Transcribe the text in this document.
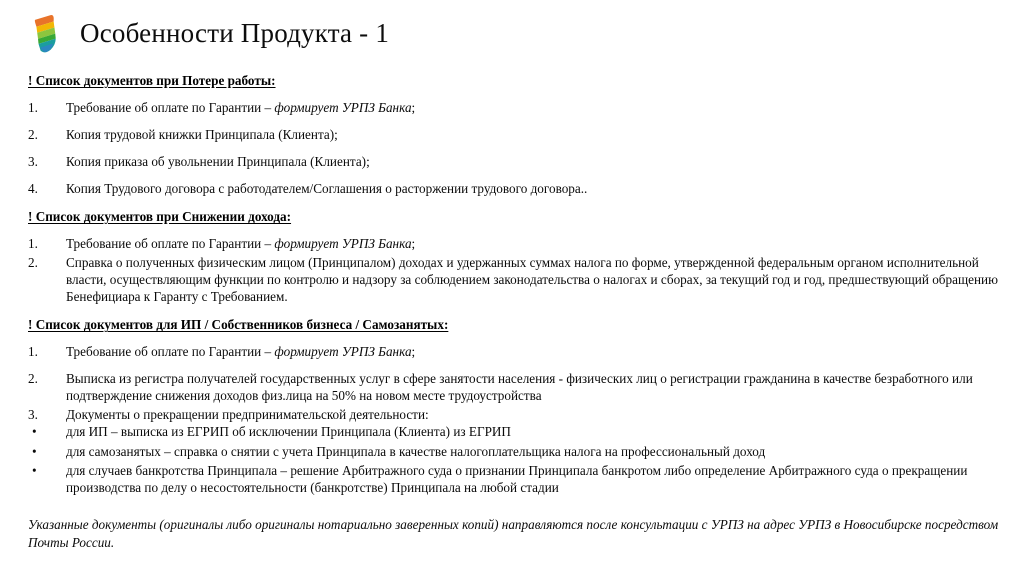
Особенности Продукта - 1
! Список документов при Потере работы:
1.	Требование об оплате по Гарантии – формирует УРПЗ Банка;
2.	Копия трудовой книжки Принципала (Клиента);
3.	Копия приказа об увольнении Принципала (Клиента);
4.	Копия Трудового договора с работодателем/Соглашения о расторжении трудового договора..
! Список документов при Снижении дохода:
1.	Требование об оплате по Гарантии – формирует УРПЗ Банка;
2.	Справка о полученных физическим лицом (Принципалом) доходах и удержанных суммах налога по форме, утвержденной федеральным органом исполнительной власти, осуществляющим функции по контролю и надзору за соблюдением законодательства о налогах и сборах, за текущий год и год, предшествующий обращению Бенефициара к Гаранту с Требованием.
! Список документов для ИП / Собственников бизнеса / Самозанятых:
1.	Требование об оплате по Гарантии – формирует УРПЗ Банка;
2.	Выписка из регистра получателей государственных услуг в сфере занятости населения - физических лиц о регистрации гражданина в качестве безработного или подтверждение снижения доходов физ.лица на 50% на новом месте трудоустройства
3.	Документы о прекращении предпринимательской деятельности:
•	для ИП – выписка из ЕГРИП об исключении Принципала (Клиента) из ЕГРИП
•	для самозанятых – справка о снятии с учета Принципала в качестве налогоплательщика налога на профессиональный доход
•	для случаев банкротства Принципала – решение Арбитражного суда о признании Принципала банкротом либо определение Арбитражного суда о прекращении производства по делу о несостоятельности (банкротстве) Принципала на любой стадии
Указанные документы (оригиналы либо оригиналы нотариально заверенных копий) направляются после консультации с УРПЗ на адрес УРПЗ в Новосибирске посредством Почты России.
